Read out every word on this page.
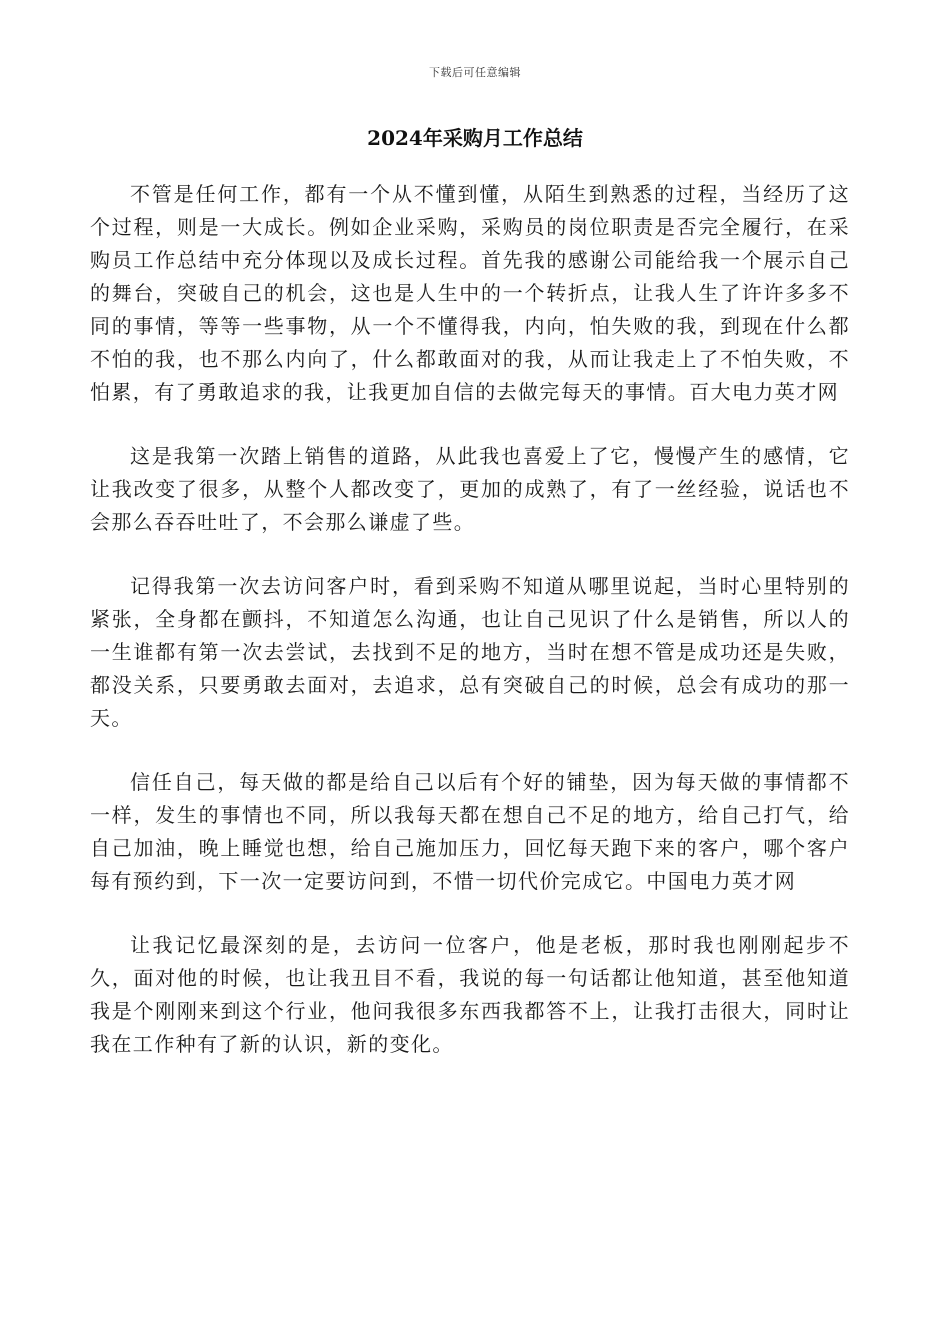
下载后可任意编辑
2024年采购月工作总结

不管是任何工作，都有一个从不懂到懂，从陌生到熟悉的过程，当经历了这个过程，则是一大成长。例如企业采购，采购员的岗位职责是否完全履行，在采购员工作总结中充分体现以及成长过程。首先我的感谢公司能给我一个展示自己的舞台，突破自己的机会，这也是人生中的一个转折点，让我人生了许许多多不同的事情，等等一些事物，从一个不懂得我，内向，怕失败的我，到现在什么都不怕的我，也不那么内向了，什么都敢面对的我，从而让我走上了不怕失败，不怕累，有了勇敢追求的我，让我更加自信的去做完每天的事情。百大电力英才网

这是我第一次踏上销售的道路，从此我也喜爱上了它，慢慢产生的感情，它让我改变了很多，从整个人都改变了，更加的成熟了，有了一丝经验，说话也不会那么吞吞吐吐了，不会那么谦虚了些。

记得我第一次去访问客户时，看到采购不知道从哪里说起，当时心里特别的紧张，全身都在颤抖，不知道怎么沟通，也让自己见识了什么是销售，所以人的一生谁都有第一次去尝试，去找到不足的地方，当时在想不管是成功还是失败，都没关系，只要勇敢去面对，去追求，总有突破自己的时候，总会有成功的那一天。

信任自己，每天做的都是给自己以后有个好的铺垫，因为每天做的事情都不一样，发生的事情也不同，所以我每天都在想自己不足的地方，给自己打气，给自己加油，晚上睡觉也想，给自己施加压力，回忆每天跑下来的客户，哪个客户每有预约到，下一次一定要访问到，不惜一切代价完成它。中国电力英才网

让我记忆最深刻的是，去访问一位客户，他是老板，那时我也刚刚起步不久，面对他的时候，也让我丑目不看，我说的每一句话都让他知道，甚至他知道我是个刚刚来到这个行业，他问我很多东西我都答不上，让我打击很大，同时让我在工作种有了新的认识，新的变化。
